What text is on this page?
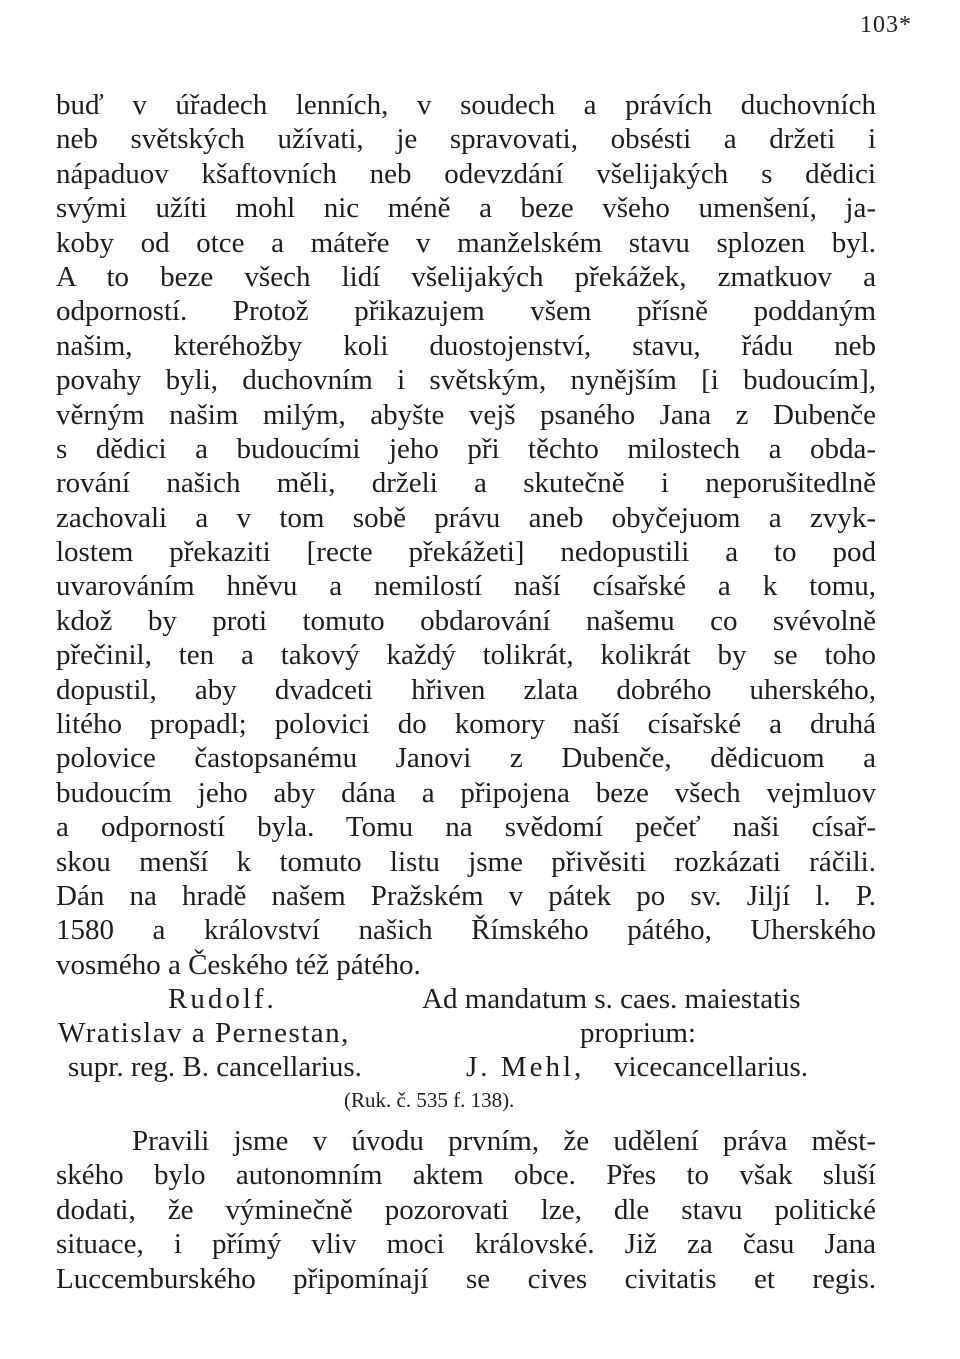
103*
buď v úřadech lenních, v soudech a právích duchovních
neb světských užívati, je spravovati, obsésti a držeti i
nápaduov kšaftovních neb odevzdání všelijakých s dědici
svými užíti mohl nic méně a beze všeho umenšení, ja-
koby od otce a máteře v manželském stavu splozen byl.
A to beze všech lidí všelijakých překážek, zmatkuov a
odporností. Protož přikazujem všem přísně poddaným
našim, kteréhožby koli duostojenství, stavu, řádu neb
povahy byli, duchovním i světským, nynějším [i budoucím],
věrným našim milým, abyšte vejš psaného Jana z Dubenče
s dědici a budoucími jeho při těchto milostech a obda-
rování našich měli, drželi a skutečně i neporušitedlně
zachovali a v tom sobě právu aneb obyčejuom a zvyk-
lostem překaziti [recte překážeti] nedopustili a to pod
uvarováním hněvu a nemilostí naší císařské a k tomu,
kdož by proti tomuto obdarování našemu co svévolně
přečinil, ten a takový každý tolikrát, kolikrát by se toho
dopustil, aby dvadceti hřiven zlata dobrého uherského,
litého propadl; polovici do komory naší císařské a druhá
polovice častopsanému Janovi z Dubenče, dědicuom a
budoucím jeho aby dána a připojena beze všech vejmluov
a odporností byla. Tomu na svědomí pečeť naši císař-
skou menší k tomuto listu jsme přivěsiti rozkázati ráčili.
Dán na hradě našem Pražském v pátek po sv. Jiljí l. P.
1580 a království našich Římského pátého, Uherského
vosmého a Českého též pátého.
Rudolf.	Ad mandatum s. caes. maiestatis
Wratislav a Pernestan,	proprium:
supr. reg. B. cancellarius.	J. Mehl, vicecancellarius.
(Ruk. č. 535 f. 138).
Pravili jsme v úvodu prvním, že udělení práva měst-
ského bylo autonomním aktem obce. Přes to však sluší
dodati, že výminečně pozorovati lze, dle stavu politické
situace, i přímý vliv moci královské. Již za času Jana
Luccemburského připomínají se cives civitatis et regis.
